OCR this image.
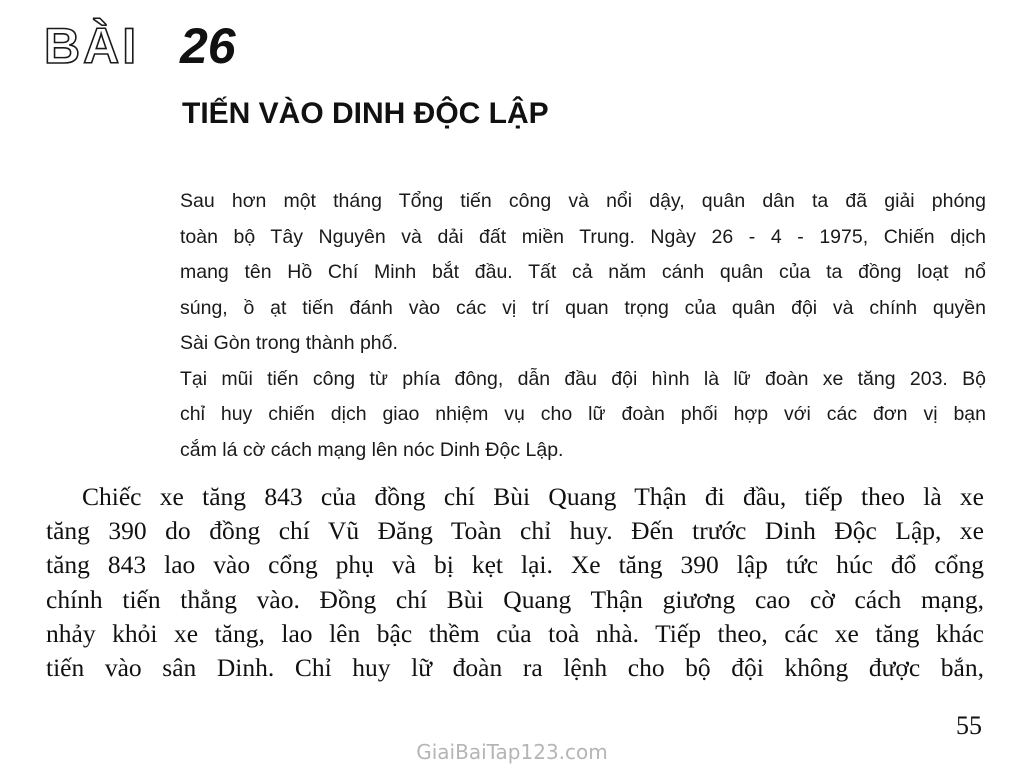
BÀI 26
TIẾN VÀO DINH ĐỘC LẬP

Sau hơn một tháng Tổng tiến công và nổi dậy, quân dân ta đã giải phóng
toàn bộ Tây Nguyên và dải đất miền Trung. Ngày 26 - 4 - 1975, Chiến dịch
mang tên Hồ Chí Minh bắt đầu. Tất cả năm cánh quân của ta đồng loạt nổ
súng, ồ ạt tiến đánh vào các vị trí quan trọng của quân đội và chính quyền
Sài Gòn trong thành phố.

Tại mũi tiến công từ phía đông, dẫn đầu đội hình là lữ đoàn xe tăng 203. Bộ
chỉ huy chiến dịch giao nhiệm vụ cho lữ đoàn phối hợp với các đơn vị bạn
cắm lá cờ cách mạng lên nóc Dinh Độc Lập.

Chiếc xe tăng 843 của đồng chí Bùi Quang Thận đi đầu, tiếp theo là xe
tăng 390 do đồng chí Vũ Đăng Toàn chỉ huy. Đến trước Dinh Độc Lập, xe
tăng 843 lao vào cổng phụ và bị kẹt lại. Xe tăng 390 lập tức húc đổ cổng
chính tiến thẳng vào. Đồng chí Bùi Quang Thận giương cao cờ cách mạng,
nhảy khỏi xe tăng, lao lên bậc thềm của toà nhà. Tiếp theo, các xe tăng khác
tiến vào sân Dinh. Chỉ huy lữ đoàn ra lệnh cho bộ đội không được bắn,

55
GiaiBaiTap123.com
